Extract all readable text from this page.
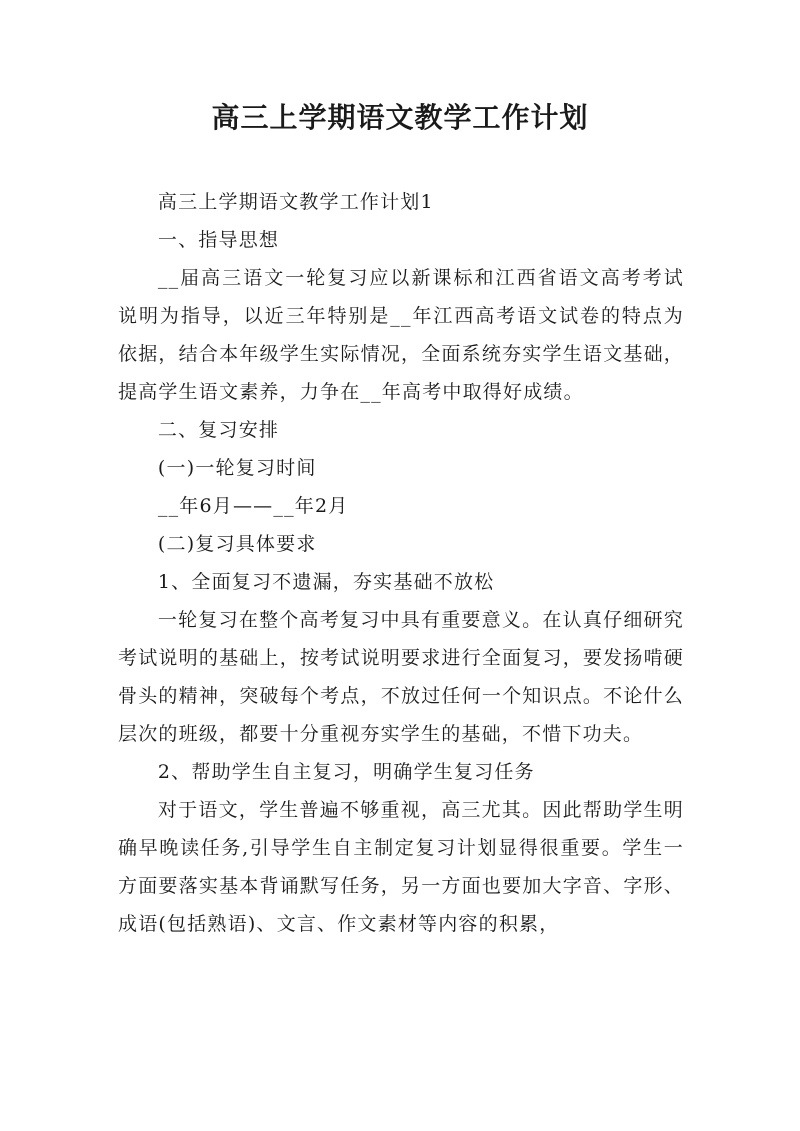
高三上学期语文教学工作计划

高三上学期语文教学工作计划1

一、指导思想

__届高三语文一轮复习应以新课标和江西省语文高考考试说明为指导，以近三年特别是__年江西高考语文试卷的特点为依据，结合本年级学生实际情况，全面系统夯实学生语文基础，提高学生语文素养，力争在__年高考中取得好成绩。

二、复习安排

(一)一轮复习时间

__年6月——__年2月

(二)复习具体要求

1、全面复习不遗漏，夯实基础不放松

一轮复习在整个高考复习中具有重要意义。在认真仔细研究考试说明的基础上，按考试说明要求进行全面复习，要发扬啃硬骨头的精神，突破每个考点，不放过任何一个知识点。不论什么层次的班级，都要十分重视夯实学生的基础，不惜下功夫。

2、帮助学生自主复习，明确学生复习任务

对于语文，学生普遍不够重视，高三尤其。因此帮助学生明确早晚读任务,引导学生自主制定复习计划显得很重要。学生一方面要落实基本背诵默写任务，另一方面也要加大字音、字形、成语(包括熟语)、文言、作文素材等内容的积累，
